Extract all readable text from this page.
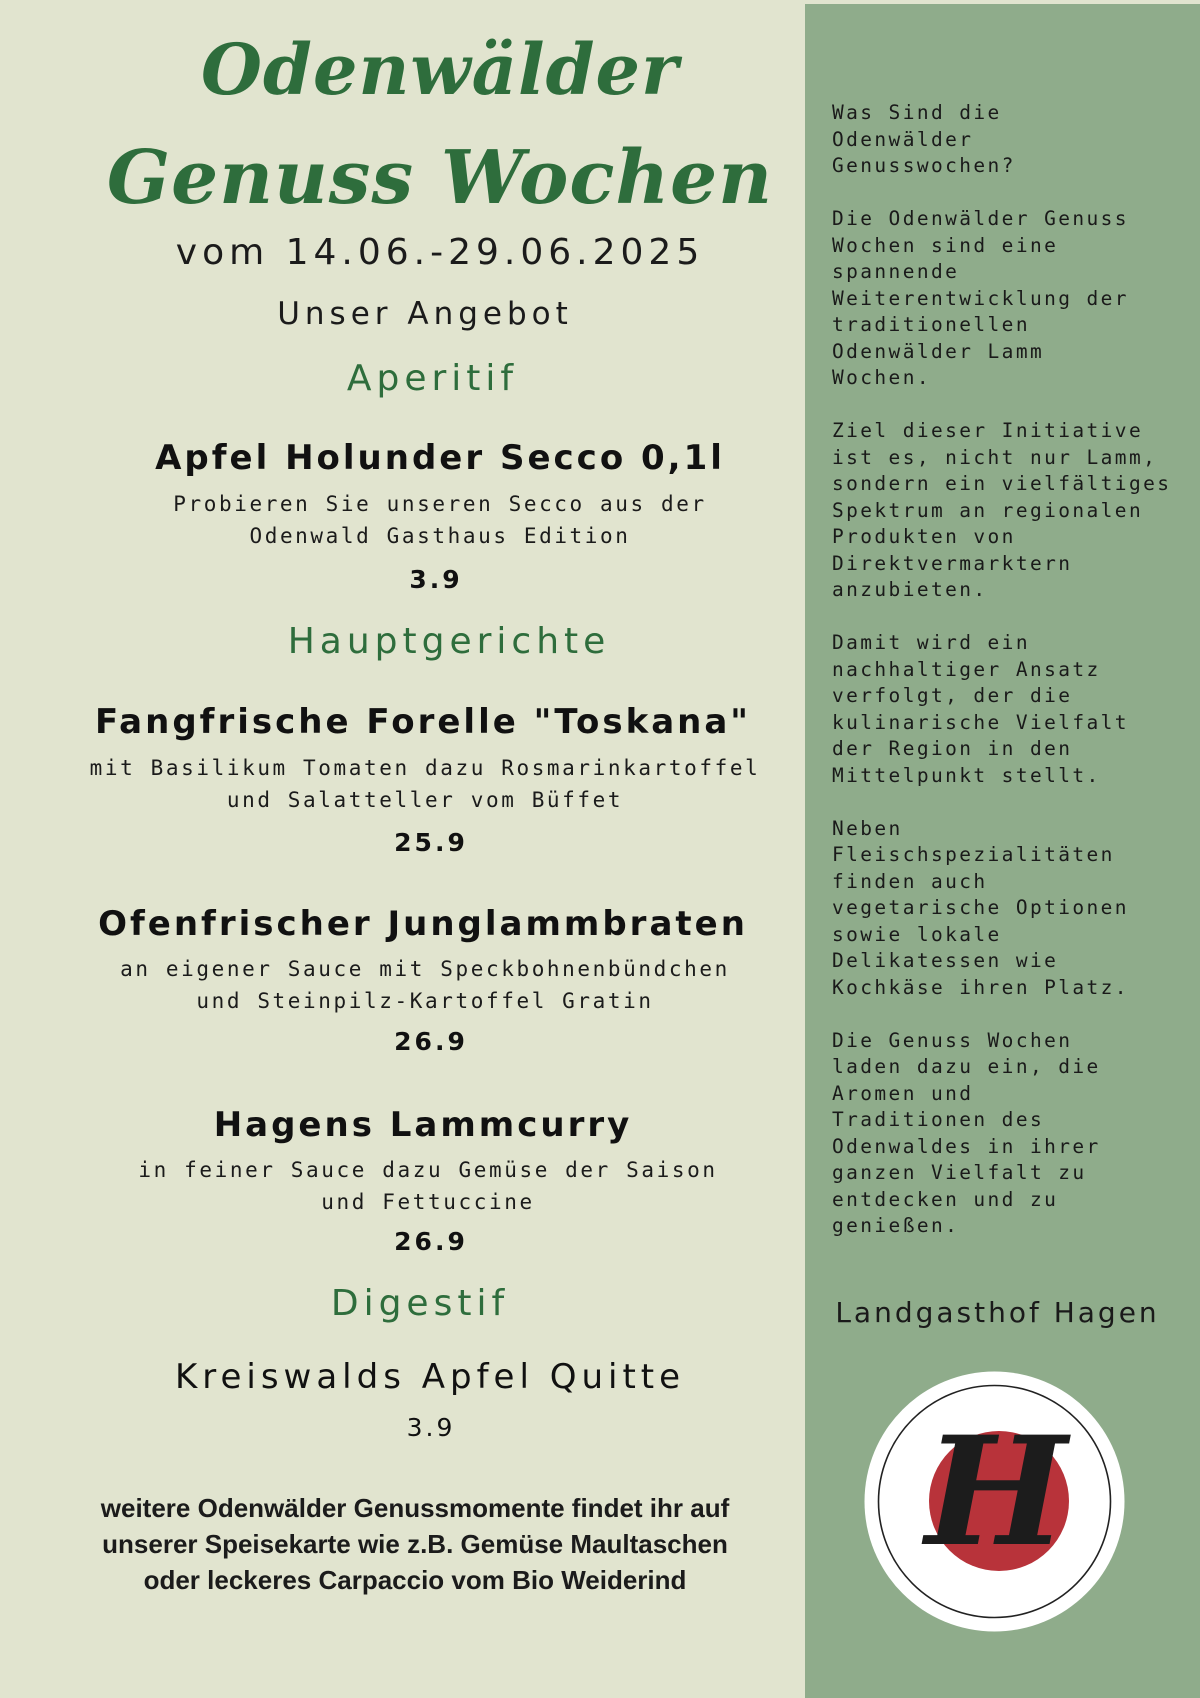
Odenwälder
Genuss Wochen
vom 14.06.-29.06.2025
Unser Angebot
Aperitif
Apfel Holunder Secco 0,1l
Probieren Sie unseren Secco aus der
Odenwald Gasthaus Edition
3.9
Hauptgerichte
Fangfrische Forelle "Toskana"
mit Basilikum Tomaten dazu Rosmarinkartoffel
und Salatteller vom Büffet
25.9
Ofenfrischer Junglammbraten
an eigener Sauce mit Speckbohnenbündchen
und Steinpilz-Kartoffel Gratin
26.9
Hagens Lammcurry
in feiner Sauce dazu Gemüse der Saison
und Fettuccine
26.9
Digestif
Kreiswalds Apfel Quitte
3.9
weitere Odenwälder Genussmomente findet ihr auf
unserer Speisekarte wie z.B. Gemüse Maultaschen
oder leckeres Carpaccio vom Bio Weiderind

Was Sind die
Odenwälder
Genusswochen?

Die Odenwälder Genuss
Wochen sind eine
spannende
Weiterentwicklung der
traditionellen
Odenwälder Lamm
Wochen.

Ziel dieser Initiative
ist es, nicht nur Lamm,
sondern ein vielfältiges
Spektrum an regionalen
Produkten von
Direktvermarktern
anzubieten.

Damit wird ein
nachhaltiger Ansatz
verfolgt, der die
kulinarische Vielfalt
der Region in den
Mittelpunkt stellt.

Neben
Fleischspezialitäten
finden auch
vegetarische Optionen
sowie lokale
Delikatessen wie
Kochkäse ihren Platz.

Die Genuss Wochen
laden dazu ein, die
Aromen und
Traditionen des
Odenwaldes in ihrer
ganzen Vielfalt zu
entdecken und zu
genießen.

Landgasthof Hagen
H
